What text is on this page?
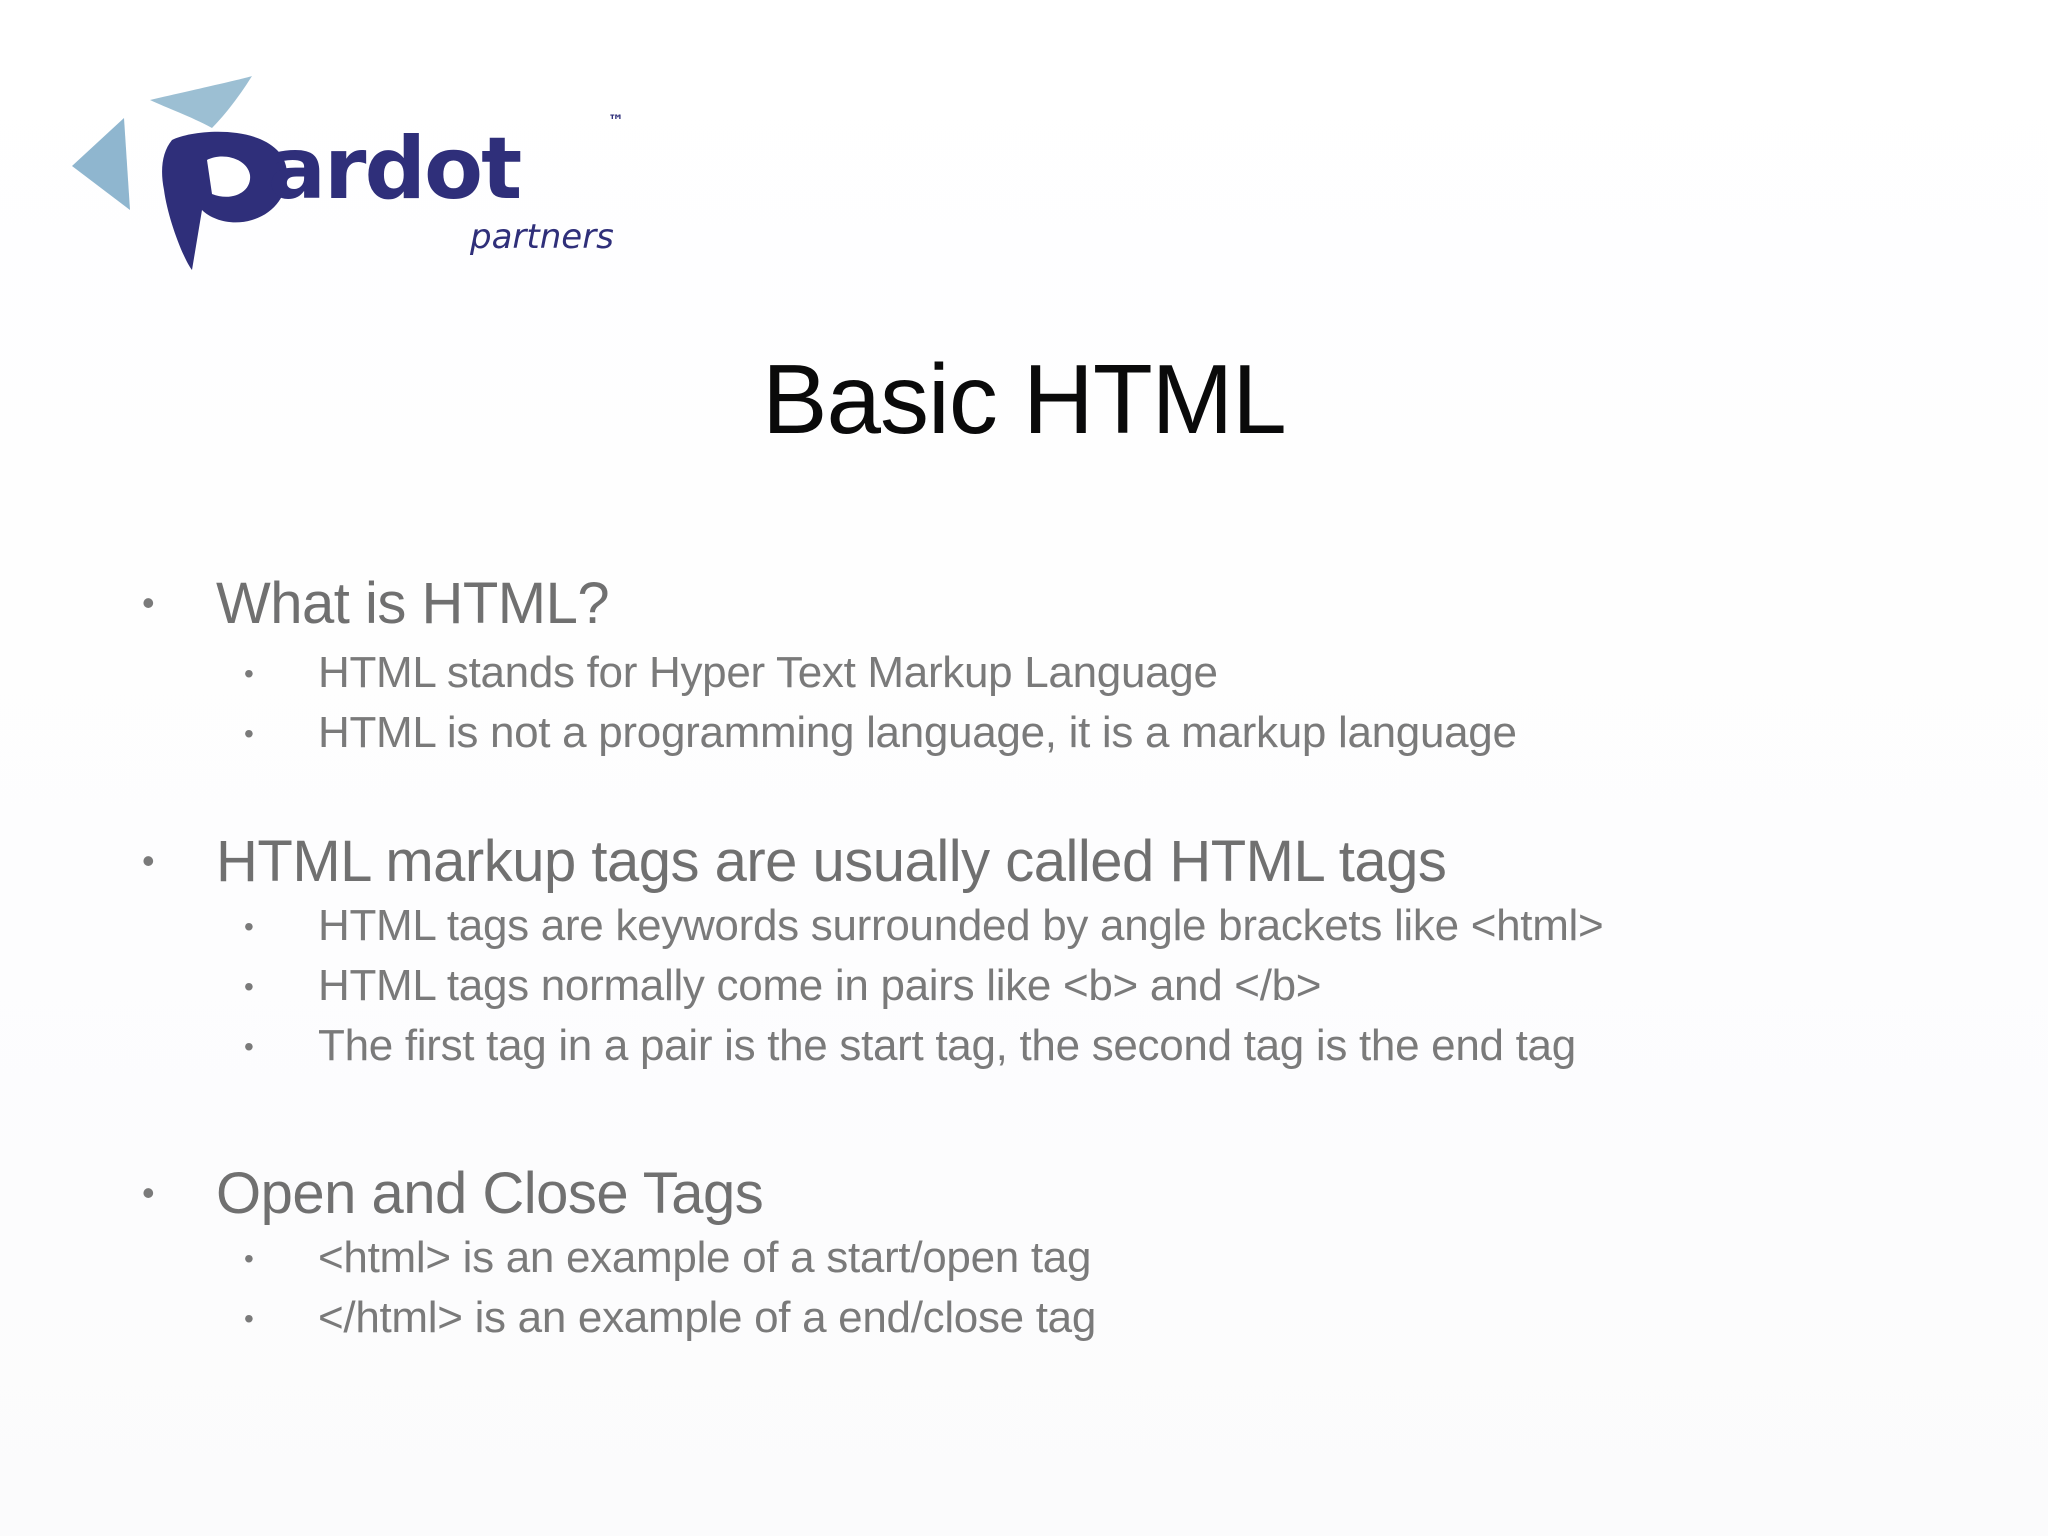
ardot	™
partners
Basic HTML
• What is HTML?
• HTML stands for Hyper Text Markup Language
• HTML is not a programming language, it is a markup language
• HTML markup tags are usually called HTML tags
• HTML tags are keywords surrounded by angle brackets like <html>
• HTML tags normally come in pairs like <b> and </b>
• The first tag in a pair is the start tag, the second tag is the end tag
• Open and Close Tags
• <html> is an example of a start/open tag
• </html> is an example of a end/close tag
